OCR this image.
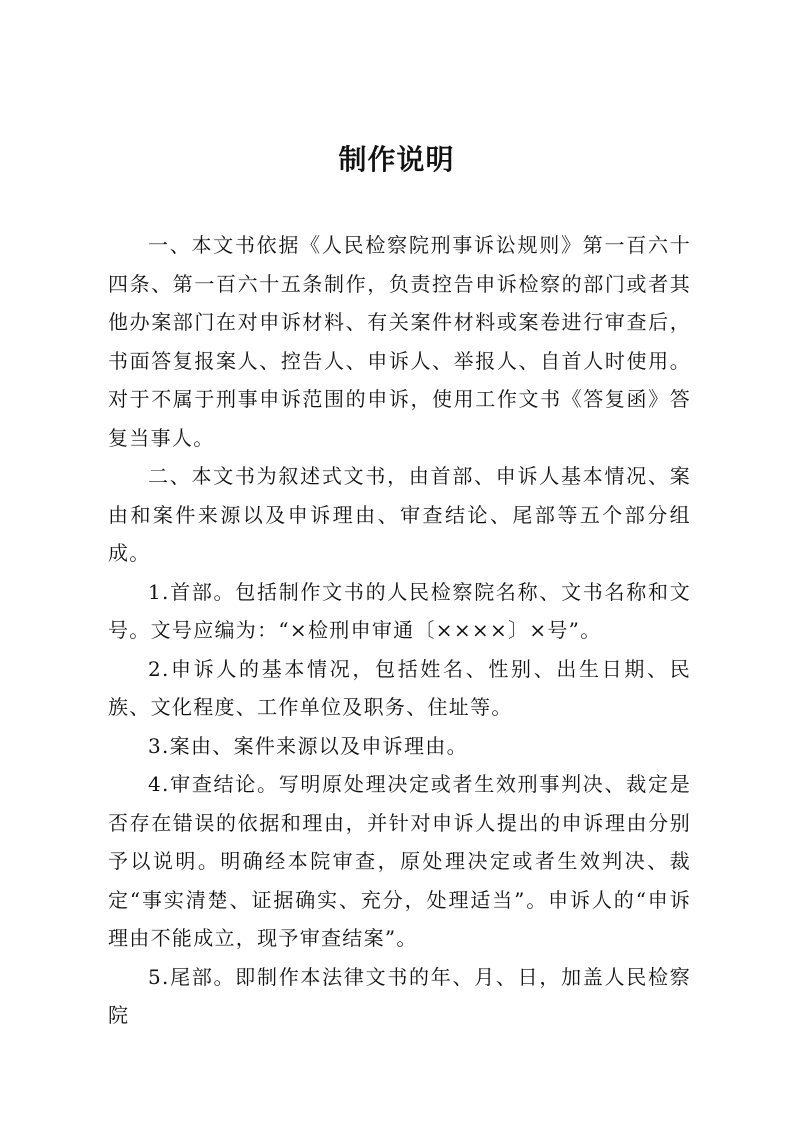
制作说明

一、本文书依据《人民检察院刑事诉讼规则》第一百六十四条、第一百六十五条制作，负责控告申诉检察的部门或者其他办案部门在对申诉材料、有关案件材料或案卷进行审查后，书面答复报案人、控告人、申诉人、举报人、自首人时使用。对于不属于刑事申诉范围的申诉，使用工作文书《答复函》答复当事人。

二、本文书为叙述式文书，由首部、申诉人基本情况、案由和案件来源以及申诉理由、审查结论、尾部等五个部分组成。

1.首部。包括制作文书的人民检察院名称、文书名称和文号。文号应编为：“×检刑申审通〔××××〕×号”。

2.申诉人的基本情况，包括姓名、性别、出生日期、民族、文化程度、工作单位及职务、住址等。

3.案由、案件来源以及申诉理由。

4.审查结论。写明原处理决定或者生效刑事判决、裁定是否存在错误的依据和理由，并针对申诉人提出的申诉理由分别予以说明。明确经本院审查，原处理决定或者生效判决、裁定“事实清楚、证据确实、充分，处理适当”。申诉人的“申诉理由不能成立，现予审查结案”。

5.尾部。即制作本法律文书的年、月、日，加盖人民检察院
